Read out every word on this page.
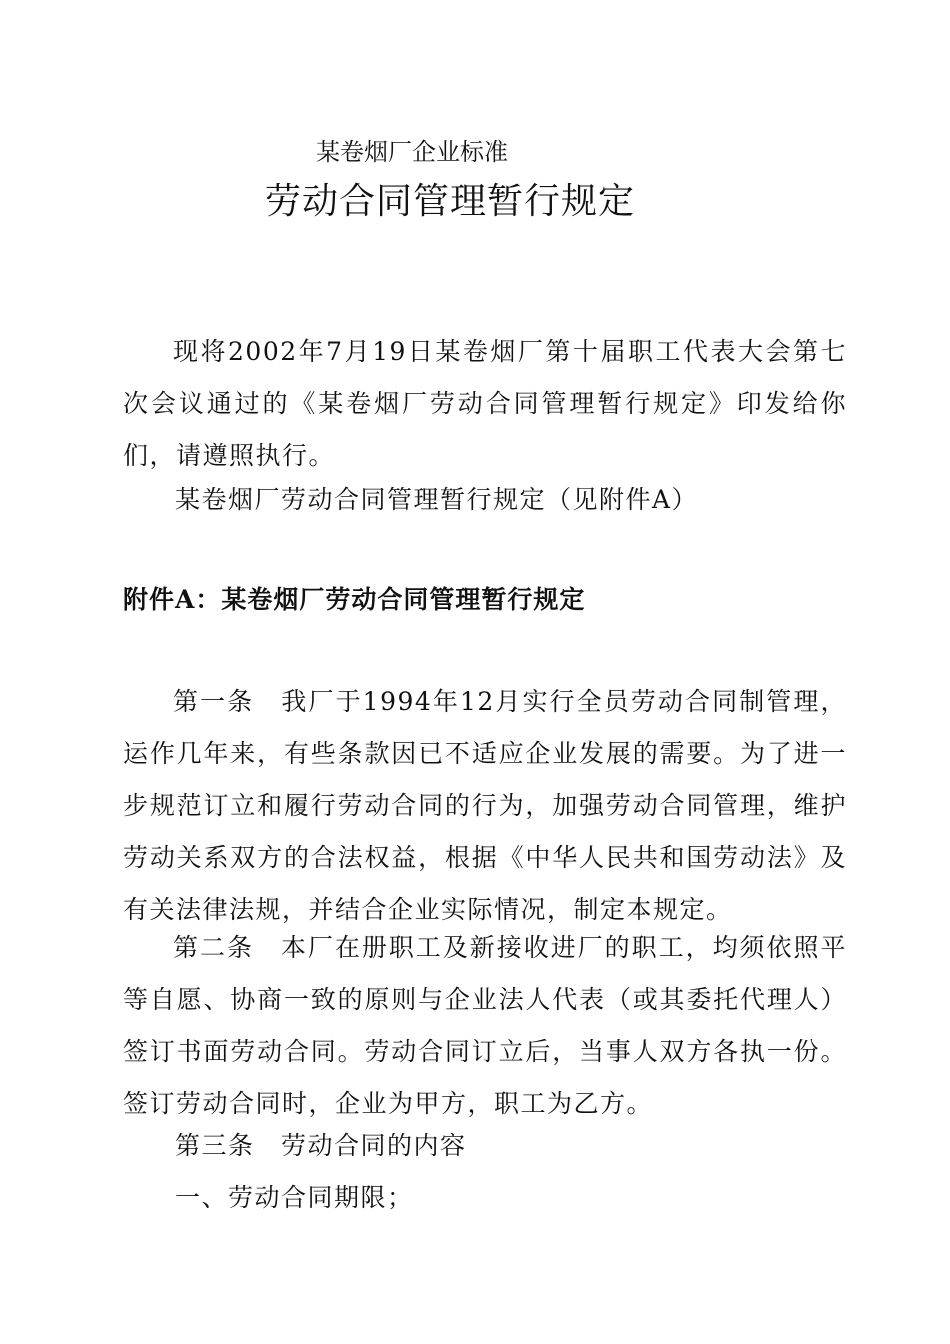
某卷烟厂企业标准
劳动合同管理暂行规定
现将2002年7月19日某卷烟厂第十届职工代表大会第七次会议通过的《某卷烟厂劳动合同管理暂行规定》印发给你们，请遵照执行。
某卷烟厂劳动合同管理暂行规定（见附件A）
附件A：某卷烟厂劳动合同管理暂行规定
第一条　我厂于1994年12月实行全员劳动合同制管理，运作几年来，有些条款因已不适应企业发展的需要。为了进一步规范订立和履行劳动合同的行为，加强劳动合同管理，维护劳动关系双方的合法权益，根据《中华人民共和国劳动法》及有关法律法规，并结合企业实际情况，制定本规定。
第二条　本厂在册职工及新接收进厂的职工，均须依照平等自愿、协商一致的原则与企业法人代表（或其委托代理人）签订书面劳动合同。劳动合同订立后，当事人双方各执一份。签订劳动合同时，企业为甲方，职工为乙方。
第三条　劳动合同的内容
一、劳动合同期限；
